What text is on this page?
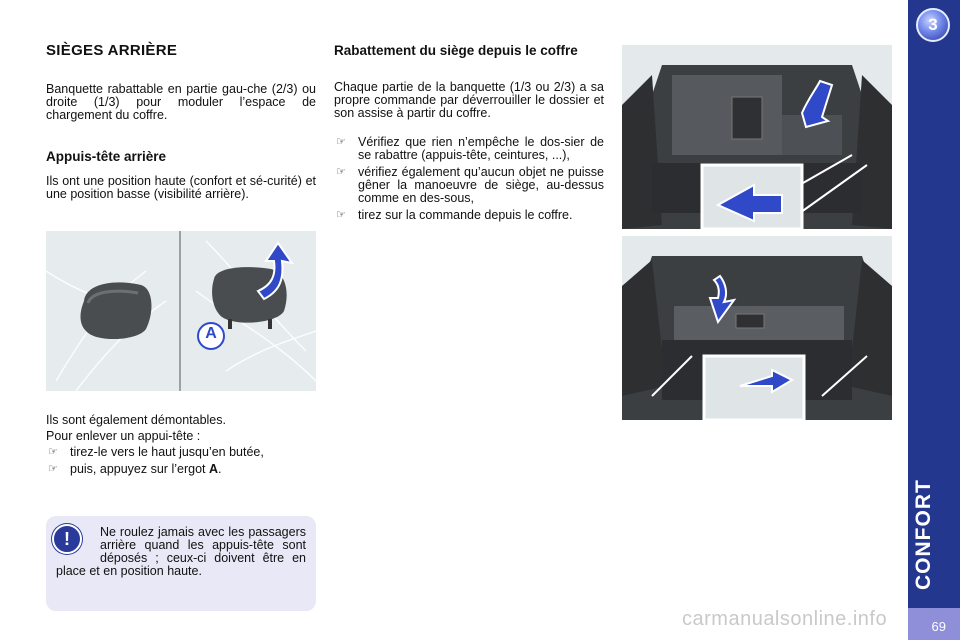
3
CONFORT
69
SIÈGES ARRIÈRE
Banquette rabattable en partie gau-che (2/3) ou droite (1/3) pour moduler l’espace de chargement du coffre.
Appuis-tête arrière
Ils ont une position haute (confort et sé-curité) et une position basse (visibilité arrière).
A
Ils sont également démontables.
Pour enlever un appui-tête :
☞ tirez-le vers le haut jusqu’en butée,
☞ puis, appuyez sur l’ergot A.
!	Ne roulez jamais avec les passagers arrière quand les appuis-tête sont déposés ; ceux-ci doivent être en place et en position haute.
Rabattement du siège depuis le coffre
Chaque partie de la banquette (1/3 ou 2/3) a sa propre commande par déverrouiller le dossier et son assise à partir du coffre.
☞ Vérifiez que rien n’empêche le dos-sier de se rabattre (appuis-tête, ceintures, ...),
☞ vérifiez également qu’aucun objet ne puisse gêner la manoeuvre de siège, au-dessus comme en des-sous,
☞ tirez sur la commande depuis le coffre.
carmanualsonline.info
